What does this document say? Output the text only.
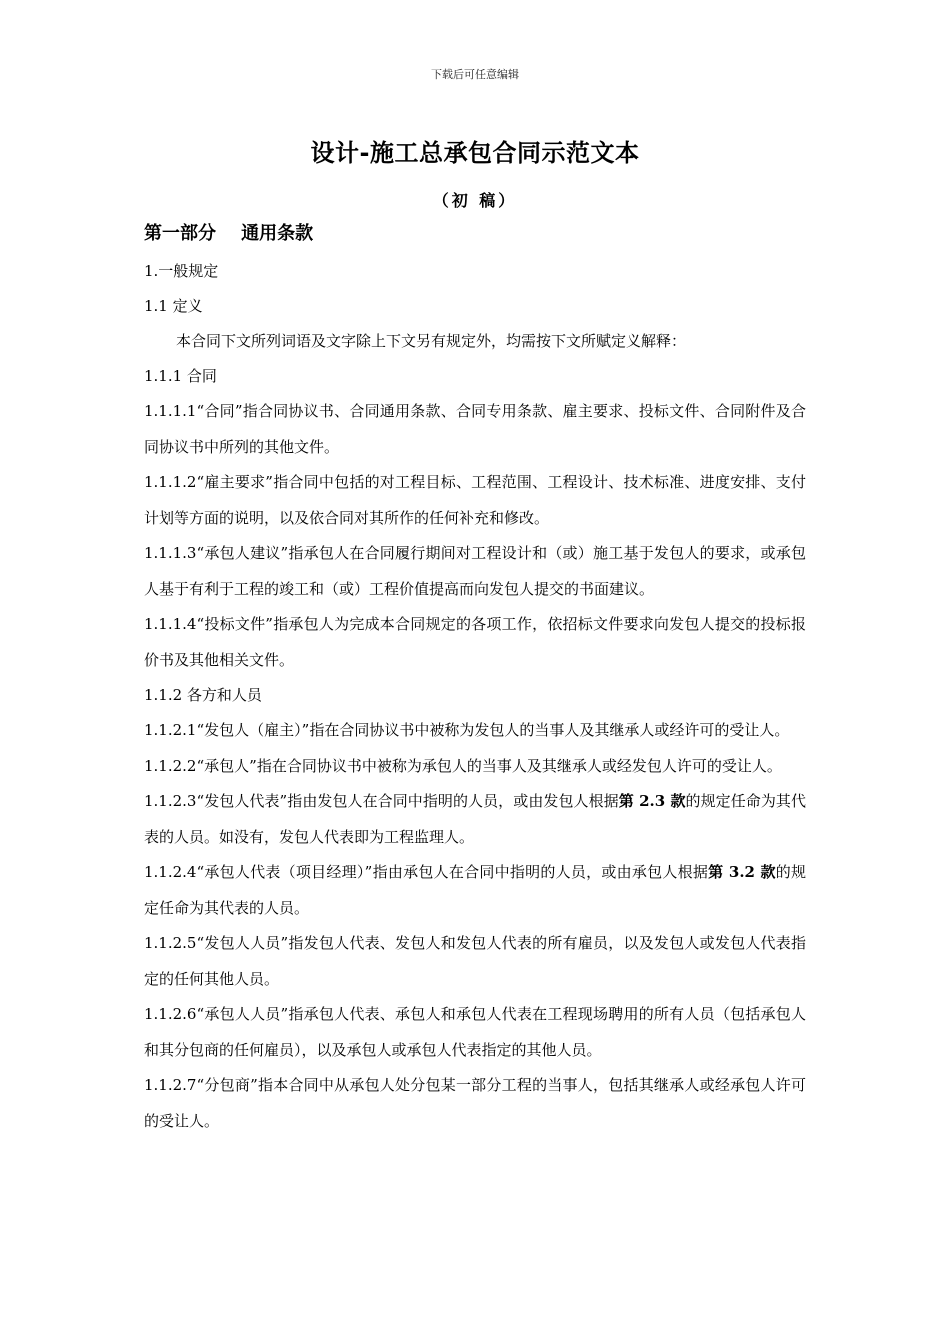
下载后可任意编辑
设计-施工总承包合同示范文本
（初 稿）
第一部分    通用条款

1.一般规定

1.1 定义

本合同下文所列词语及文字除上下文另有规定外，均需按下文所赋定义解释：

1.1.1 合同

1.1.1.1“合同”指合同协议书、合同通用条款、合同专用条款、雇主要求、投标文件、合同附件及合同协议书中所列的其他文件。

1.1.1.2“雇主要求”指合同中包括的对工程目标、工程范围、工程设计、技术标准、进度安排、支付计划等方面的说明，以及依合同对其所作的任何补充和修改。

1.1.1.3“承包人建议”指承包人在合同履行期间对工程设计和（或）施工基于发包人的要求，或承包人基于有利于工程的竣工和（或）工程价值提高而向发包人提交的书面建议。

1.1.1.4“投标文件”指承包人为完成本合同规定的各项工作，依招标文件要求向发包人提交的投标报价书及其他相关文件。

1.1.2 各方和人员

1.1.2.1“发包人（雇主）”指在合同协议书中被称为发包人的当事人及其继承人或经许可的受让人。

1.1.2.2“承包人”指在合同协议书中被称为承包人的当事人及其继承人或经发包人许可的受让人。

1.1.2.3“发包人代表”指由发包人在合同中指明的人员，或由发包人根据第 2.3 款的规定任命为其代表的人员。如没有，发包人代表即为工程监理人。

1.1.2.4“承包人代表（项目经理）”指由承包人在合同中指明的人员，或由承包人根据第 3.2 款的规定任命为其代表的人员。

1.1.2.5“发包人人员”指发包人代表、发包人和发包人代表的所有雇员，以及发包人或发包人代表指定的任何其他人员。

1.1.2.6“承包人人员”指承包人代表、承包人和承包人代表在工程现场聘用的所有人员（包括承包人和其分包商的任何雇员），以及承包人或承包人代表指定的其他人员。

1.1.2.7“分包商”指本合同中从承包人处分包某一部分工程的当事人，包括其继承人或经承包人许可的受让人。
